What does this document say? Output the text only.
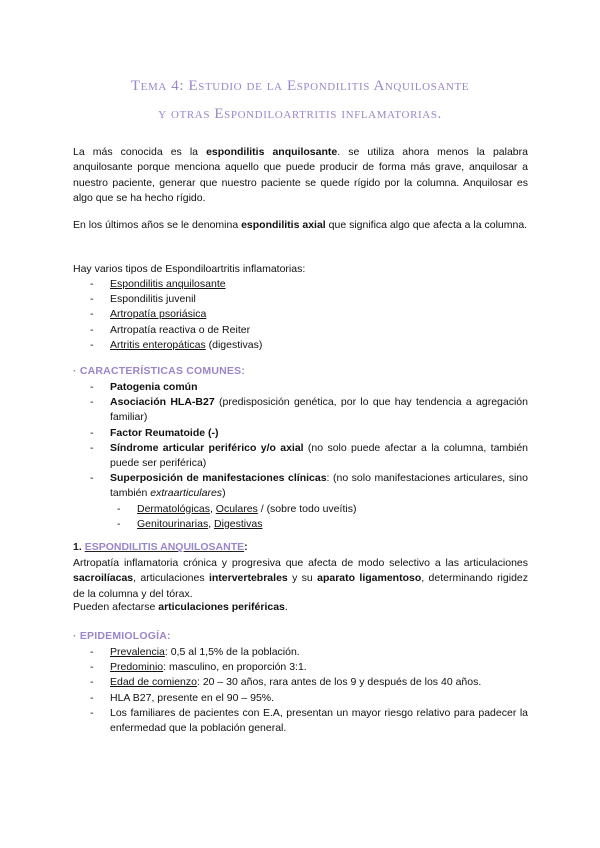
Tema 4: Estudio de la Espondilitis Anquilosante
y otras Espondiloartritis inflamatorias.
La más conocida es la espondilitis anquilosante. se utiliza ahora menos la palabra anquilosante porque menciona aquello que puede producir de forma más grave, anquilosar a nuestro paciente, generar que nuestro paciente se quede rígido por la columna. Anquilosar es algo que se ha hecho rígido.
En los últimos años se le denomina espondilitis axial que significa algo que afecta a la columna.
Hay varios tipos de Espondiloartritis inflamatorias:
- Espondilitis anquilosante
- Espondilitis juvenil
- Artropatía psoriásica
- Artropatía reactiva o de Reiter
- Artritis enteropáticas (digestivas)
· CARACTERÍSTICAS COMUNES:
- Patogenia común
- Asociación HLA-B27 (predisposición genética, por lo que hay tendencia a agregación familiar)
- Factor Reumatoide (-)
- Síndrome articular periférico y/o axial (no solo puede afectar a la columna, también puede ser periférica)
- Superposición de manifestaciones clínicas: (no solo manifestaciones articulares, sino también extraarticulares)
- Dermatológicas, Oculares / (sobre todo uveítis)
- Genitourinarias, Digestivas
1. ESPONDILITIS ANQUILOSANTE:
Artropatía inflamatoria crónica y progresiva que afecta de modo selectivo a las articulaciones sacroilíacas, articulaciones intervertebrales y su aparato ligamentoso, determinando rigidez de la columna y del tórax.
Pueden afectarse articulaciones periféricas.
· EPIDEMIOLOGÍA:
- Prevalencia: 0,5 al 1,5% de la población.
- Predominio: masculino, en proporción 3:1.
- Edad de comienzo: 20 – 30 años, rara antes de los 9 y después de los 40 años.
- HLA B27, presente en el 90 – 95%.
- Los familiares de pacientes con E.A, presentan un mayor riesgo relativo para padecer la enfermedad que la población general.
